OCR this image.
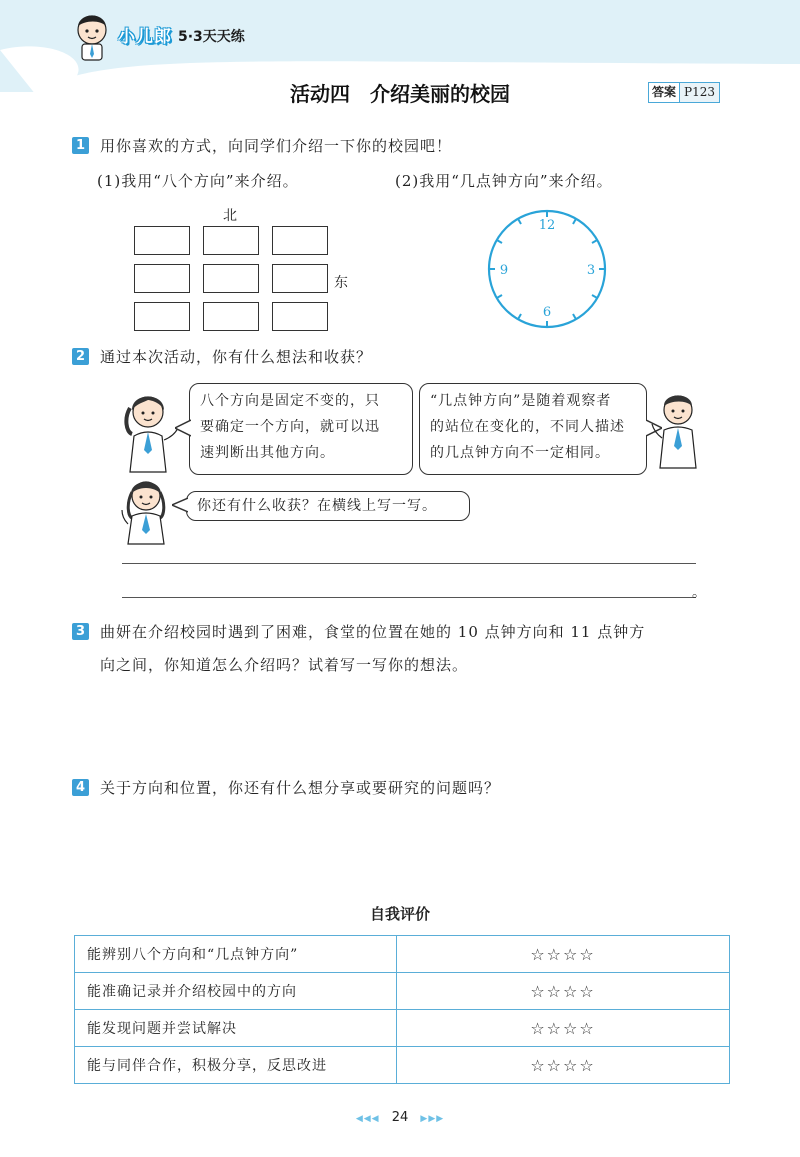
小儿郎 5·3天天练
活动四　介绍美丽的校园	答案 P123
1 用你喜欢的方式，向同学们介绍一下你的校园吧！
(1)我用“八个方向”来介绍。	(2)我用“几点钟方向”来介绍。
北
东
12
3
6
9
2 通过本次活动，你有什么想法和收获？
八个方向是固定不变的，只
要确定一个方向，就可以迅
速判断出其他方向。
“几点钟方向”是随着观察者
的站位在变化的，不同人描述
的几点钟方向不一定相同。
你还有什么收获？在横线上写一写。
。
3 曲妍在介绍校园时遇到了困难，食堂的位置在她的 10 点钟方向和 11 点钟方
向之间，你知道怎么介绍吗？试着写一写你的想法。
4 关于方向和位置，你还有什么想分享或要研究的问题吗？
自我评价
能辨别八个方向和“几点钟方向”	☆☆☆☆
能准确记录并介绍校园中的方向	☆☆☆☆
能发现问题并尝试解决	☆☆☆☆
能与同伴合作，积极分享，反思改进	☆☆☆☆
◀◀◀ 24 ▶▶▶
